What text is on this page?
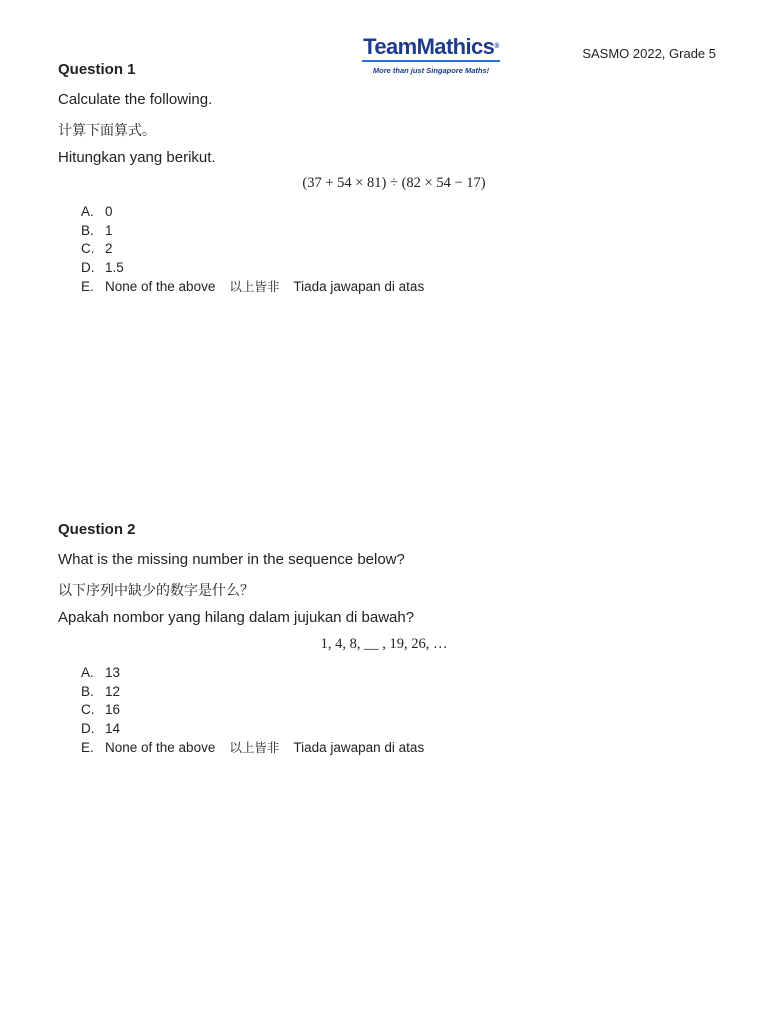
TeamMathics®
More than just Singapore Maths!
SASMO 2022, Grade 5
Question 1
Calculate the following.
计算下面算式。
Hitungkan yang berikut.
(37 + 54 × 81) ÷ (82 × 54 − 17)
A. 0
B. 1
C. 2
D. 1.5
E. None of the above 以上皆非 Tiada jawapan di atas
Question 2
What is the missing number in the sequence below?
以下序列中缺少的数字是什么？
Apakah nombor yang hilang dalam jujukan di bawah?
1, 4, 8, __ , 19, 26, …
A. 13
B. 12
C. 16
D. 14
E. None of the above 以上皆非 Tiada jawapan di atas
